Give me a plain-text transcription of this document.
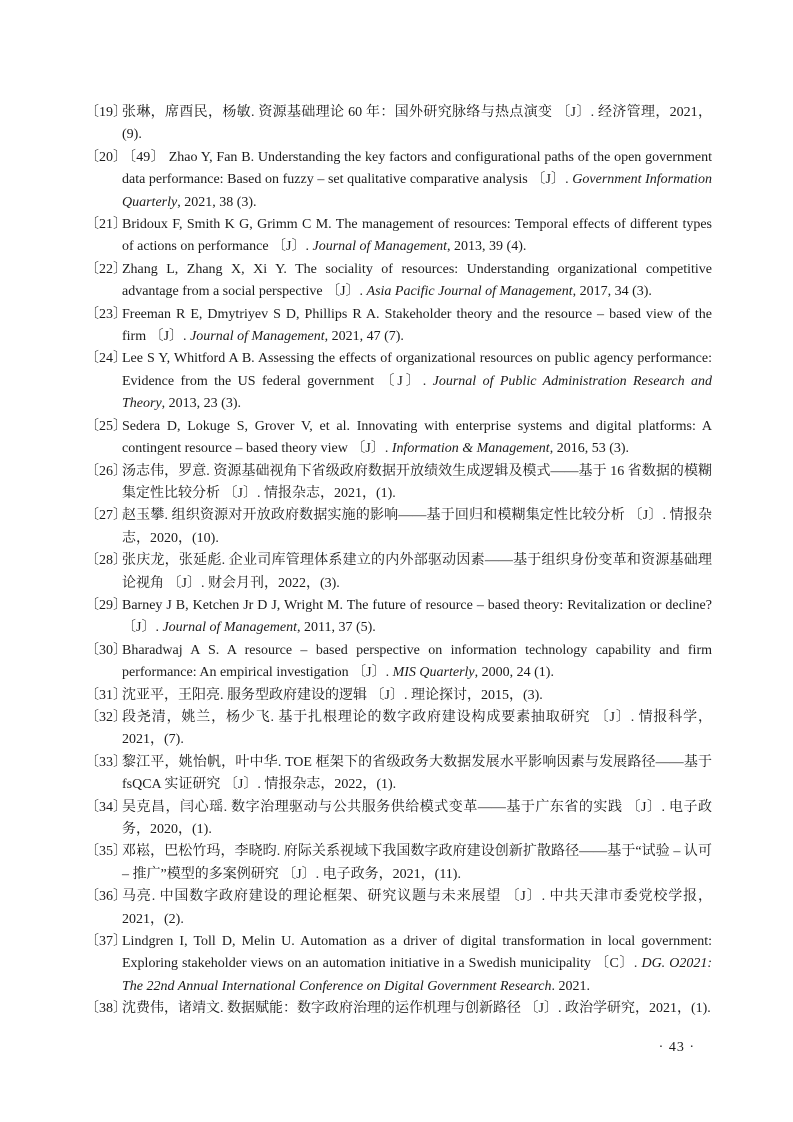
〔19〕
张琳，席酉民，杨敏. 资源基础理论 60 年：国外研究脉络与热点演变 〔J〕. 经济管理，2021，(9).
〔20〕
〔49〕 Zhao Y, Fan B. Understanding the key factors and configurational paths of the open government data performance: Based on fuzzy – set qualitative comparative analysis 〔J〕. Government Information Quarterly, 2021, 38 (3).
〔21〕
Bridoux F, Smith K G, Grimm C M. The management of resources: Temporal effects of different types of actions on performance 〔J〕. Journal of Management, 2013, 39 (4).
〔22〕
Zhang L, Zhang X, Xi Y. The sociality of resources: Understanding organizational competitive advantage from a social perspective 〔J〕. Asia Pacific Journal of Management, 2017, 34 (3).
〔23〕
Freeman R E, Dmytriyev S D, Phillips R A. Stakeholder theory and the resource – based view of the firm 〔J〕. Journal of Management, 2021, 47 (7).
〔24〕
Lee S Y, Whitford A B. Assessing the effects of organizational resources on public agency performance: Evidence from the US federal government 〔J〕. Journal of Public Administration Research and Theory, 2013, 23 (3).
〔25〕
Sedera D, Lokuge S, Grover V, et al. Innovating with enterprise systems and digital platforms: A contingent resource – based theory view 〔J〕. Information & Management, 2016, 53 (3).
〔26〕
汤志伟，罗意. 资源基础视角下省级政府数据开放绩效生成逻辑及模式——基于 16 省数据的模糊集定性比较分析 〔J〕. 情报杂志，2021，(1).
〔27〕
赵玉攀. 组织资源对开放政府数据实施的影响——基于回归和模糊集定性比较分析 〔J〕. 情报杂志，2020，(10).
〔28〕
张庆龙，张延彪. 企业司库管理体系建立的内外部驱动因素——基于组织身份变革和资源基础理论视角 〔J〕. 财会月刊，2022，(3).
〔29〕
Barney J B, Ketchen Jr D J, Wright M. The future of resource – based theory: Revitalization or decline? 〔J〕. Journal of Management, 2011, 37 (5).
〔30〕
Bharadwaj A S. A resource – based perspective on information technology capability and firm performance: An empirical investigation 〔J〕. MIS Quarterly, 2000, 24 (1).
〔31〕
沈亚平，王阳亮. 服务型政府建设的逻辑 〔J〕. 理论探讨，2015，(3).
〔32〕
段尧清，姚兰，杨少飞. 基于扎根理论的数字政府建设构成要素抽取研究 〔J〕. 情报科学，2021，(7).
〔33〕
黎江平，姚怡帆，叶中华. TOE 框架下的省级政务大数据发展水平影响因素与发展路径——基于 fsQCA 实证研究 〔J〕. 情报杂志，2022，(1).
〔34〕
吴克昌，闫心瑶. 数字治理驱动与公共服务供给模式变革——基于广东省的实践 〔J〕. 电子政务，2020，(1).
〔35〕
邓崧，巴松竹玛，李晓昀. 府际关系视域下我国数字政府建设创新扩散路径——基于“试验 – 认可 – 推广”模型的多案例研究 〔J〕. 电子政务，2021，(11).
〔36〕
马亮. 中国数字政府建设的理论框架、研究议题与未来展望 〔J〕. 中共天津市委党校学报，2021，(2).
〔37〕
Lindgren I, Toll D, Melin U. Automation as a driver of digital transformation in local government: Exploring stakeholder views on an automation initiative in a Swedish municipality 〔C〕. DG. O2021: The 22nd Annual International Conference on Digital Government Research. 2021.
〔38〕
沈费伟，诸靖文. 数据赋能：数字政府治理的运作机理与创新路径 〔J〕. 政治学研究，2021，(1).
· 43 ·
